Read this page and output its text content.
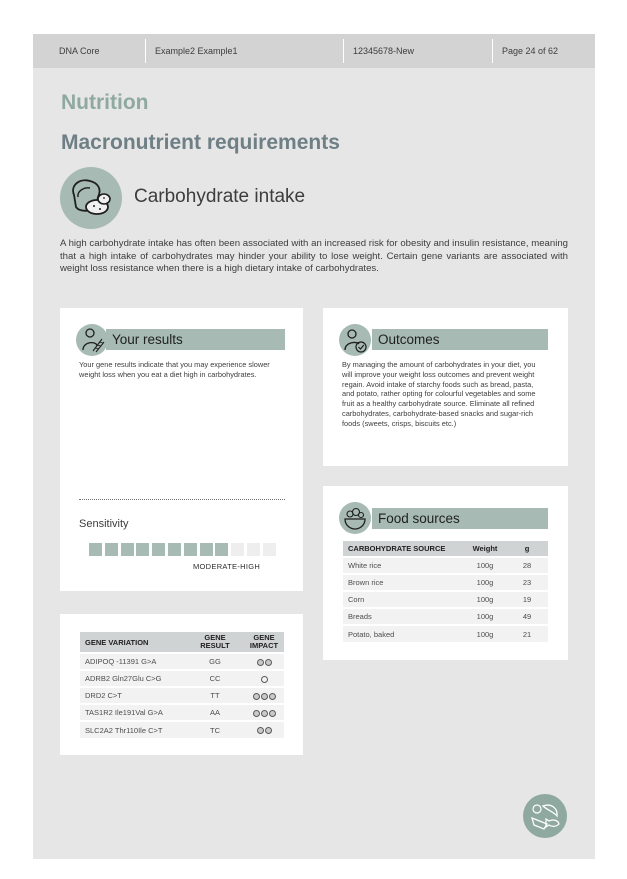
DNA Core	Example2 Example1	12345678-New	Page 24 of 62
Nutrition
Macronutrient requirements
Carbohydrate intake
A high carbohydrate intake has often been associated with an increased risk for obesity and insulin resistance, meaning that a high intake of carbohydrates may hinder your ability to lose weight. Certain gene variants are associated with weight loss resistance when there is a high dietary intake of carbohydrates.
Your results
Your gene results indicate that you may experience slower weight loss when you eat a diet high in carbohydrates.
Sensitivity
MODERATE-HIGH
Outcomes
By managing the amount of carbohydrates in your diet, you will improve your weight loss outcomes and prevent weight regain. Avoid intake of starchy foods such as bread, pasta, and potato, rather opting for colourful vegetables and some fruit as a healthy carbohydrate source. Eliminate all refined carbohydrates, carbohydrate-based snacks and sugar-rich foods (sweets, crisps, biscuits etc.)
Food sources
CARBOHYDRATE SOURCE	Weight	g
White rice	100g	28
Brown rice	100g	23
Corn	100g	19
Breads	100g	49
Potato, baked	100g	21
GENE VARIATION	GENE RESULT	GENE IMPACT
ADIPOQ -11391 G>A	GG	
ADRB2 Gln27Glu C>G	CC	
DRD2 C>T	TT	
TAS1R2 Ile191Val G>A	AA	
SLC2A2 Thr110Ile C>T	TC	
